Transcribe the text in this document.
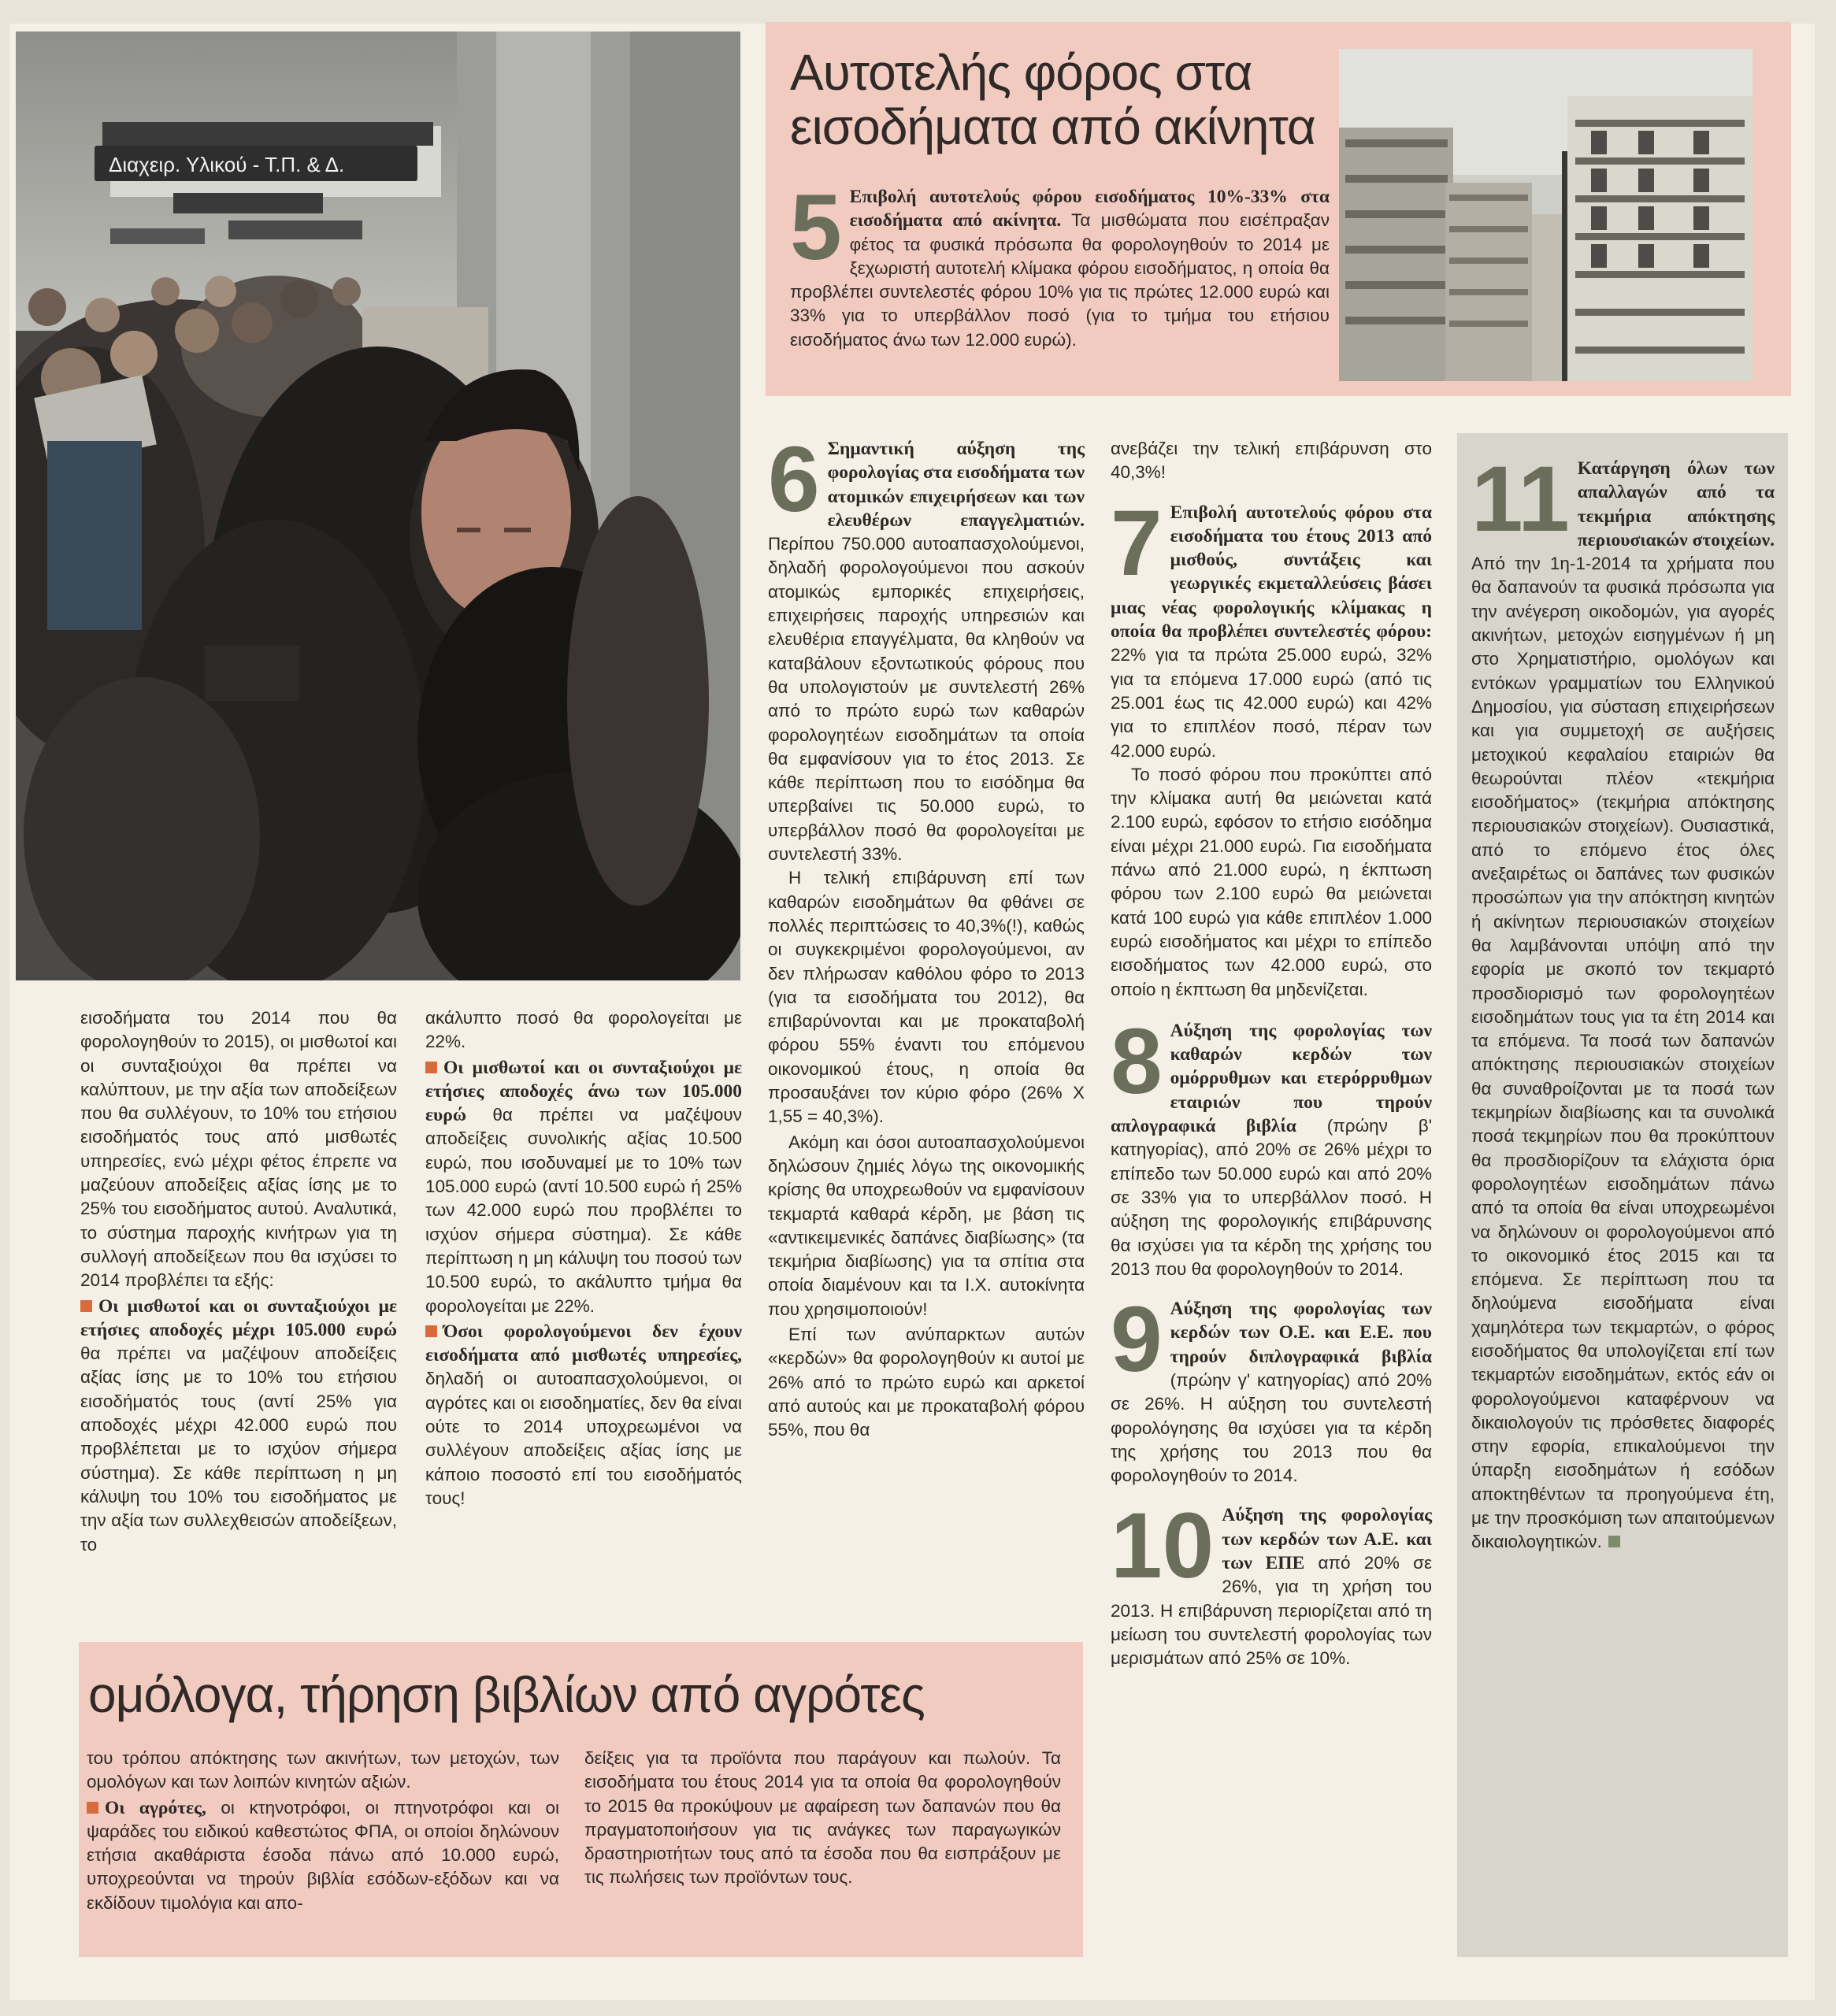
Διαχειρ. Υλικού - Τ.Π. & Δ.
Αυτοτελής φόρος στα εισοδήματα από ακίνητα
5 Επιβολή αυτοτελούς φόρου εισοδήματος 10%-33% στα εισοδήματα από ακίνητα. Τα μισθώματα που εισέπραξαν φέτος τα φυσικά πρόσωπα θα φορολογηθούν το 2014 με ξεχωριστή αυτοτελή κλίμακα φόρου εισοδήματος, η οποία θα προβλέπει συντελεστές φόρου 10% για τις πρώτες 12.000 ευρώ και 33% για το υπερβάλλον ποσό (για το τμήμα του ετήσιου εισοδήματος άνω των 12.000 ευρώ).

εισοδήματα του 2014 που θα φορολογηθούν το 2015), οι μισθωτοί και οι συνταξιούχοι θα πρέπει να καλύπτουν, με την αξία των αποδείξεων που θα συλλέγουν, το 10% του ετήσιου εισοδήματός τους από μισθωτές υπηρεσίες, ενώ μέχρι φέτος έπρεπε να μαζεύουν αποδείξεις αξίας ίσης με το 25% του εισοδήματος αυτού. Αναλυτικά, το σύστημα παροχής κινήτρων για τη συλλογή αποδείξεων που θα ισχύσει το 2014 προβλέπει τα εξής:

Οι μισθωτοί και οι συνταξιούχοι με ετήσιες αποδοχές μέχρι 105.000 ευρώ θα πρέπει να μαζέψουν αποδείξεις αξίας ίσης με το 10% του ετήσιου εισοδήματός τους (αντί 25% για αποδοχές μέχρι 42.000 ευρώ που προβλέπεται με το ισχύον σήμερα σύστημα). Σε κάθε περίπτωση η μη κάλυψη του 10% του εισοδήματος με την αξία των συλλεχθεισών αποδείξεων, το

ακάλυπτο ποσό θα φορολογείται με 22%.

Οι μισθωτοί και οι συνταξιούχοι με ετήσιες αποδοχές άνω των 105.000 ευρώ θα πρέπει να μαζέψουν αποδείξεις συνολικής αξίας 10.500 ευρώ, που ισοδυναμεί με το 10% των 105.000 ευρώ (αντί 10.500 ευρώ ή 25% των 42.000 ευρώ που προβλέπει το ισχύον σήμερα σύστημα). Σε κάθε περίπτωση η μη κάλυψη του ποσού των 10.500 ευρώ, το ακάλυπτο τμήμα θα φορολογείται με 22%.

Όσοι φορολογούμενοι δεν έχουν εισοδήματα από μισθωτές υπηρεσίες, δηλαδή οι αυτοαπασχολούμενοι, οι αγρότες και οι εισοδηματίες, δεν θα είναι ούτε το 2014 υποχρεωμένοι να συλλέγουν αποδείξεις αξίας ίσης με κάποιο ποσοστό επί του εισοδήματός τους!

6 Σημαντική αύξηση της φορολογίας στα εισοδήματα των ατομικών επιχειρήσεων και των ελευθέρων επαγγελματιών. Περίπου 750.000 αυτοαπασχολούμενοι, δηλαδή φορολογούμενοι που ασκούν ατομικώς εμπορικές επιχειρήσεις, επιχειρήσεις παροχής υπηρεσιών και ελευθέρια επαγγέλματα, θα κληθούν να καταβάλουν εξοντωτικούς φόρους που θα υπολογιστούν με συντελεστή 26% από το πρώτο ευρώ των καθαρών φορολογητέων εισοδημάτων τα οποία θα εμφανίσουν για το έτος 2013. Σε κάθε περίπτωση που το εισόδημα θα υπερβαίνει τις 50.000 ευρώ, το υπερβάλλον ποσό θα φορολογείται με συντελεστή 33%.

Η τελική επιβάρυνση επί των καθαρών εισοδημάτων θα φθάνει σε πολλές περιπτώσεις το 40,3%(!), καθώς οι συγκεκριμένοι φορολογούμενοι, αν δεν πλήρωσαν καθόλου φόρο το 2013 (για τα εισοδήματα του 2012), θα επιβαρύνονται και με προκαταβολή φόρου 55% έναντι του επόμενου οικονομικού έτους, η οποία θα προσαυξάνει τον κύριο φόρο (26% Χ 1,55 = 40,3%).

Ακόμη και όσοι αυτοαπασχολούμενοι δηλώσουν ζημιές λόγω της οικονομικής κρίσης θα υποχρεωθούν να εμφανίσουν τεκμαρτά καθαρά κέρδη, με βάση τις «αντικειμενικές δαπάνες διαβίωσης» (τα τεκμήρια διαβίωσης) για τα σπίτια στα οποία διαμένουν και τα Ι.Χ. αυτοκίνητα που χρησιμοποιούν!

Επί των ανύπαρκτων αυτών «κερδών» θα φορολογηθούν κι αυτοί με 26% από το πρώτο ευρώ και αρκετοί από αυτούς και με προκαταβολή φόρου 55%, που θα

ανεβάζει την τελική επιβάρυνση στο 40,3%!

7 Επιβολή αυτοτελούς φόρου στα εισοδήματα του έτους 2013 από μισθούς, συντάξεις και γεωργικές εκμεταλλεύσεις βάσει μιας νέας φορολογικής κλίμακας η οποία θα προβλέπει συντελεστές φόρου: 22% για τα πρώτα 25.000 ευρώ, 32% για τα επόμενα 17.000 ευρώ (από τις 25.001 έως τις 42.000 ευρώ) και 42% για το επιπλέον ποσό, πέραν των 42.000 ευρώ.

Το ποσό φόρου που προκύπτει από την κλίμακα αυτή θα μειώνεται κατά 2.100 ευρώ, εφόσον το ετήσιο εισόδημα είναι μέχρι 21.000 ευρώ. Για εισοδήματα πάνω από 21.000 ευρώ, η έκπτωση φόρου των 2.100 ευρώ θα μειώνεται κατά 100 ευρώ για κάθε επιπλέον 1.000 ευρώ εισοδήματος και μέχρι το επίπεδο εισοδήματος των 42.000 ευρώ, στο οποίο η έκπτωση θα μηδενίζεται.

8 Αύξηση της φορολογίας των καθαρών κερδών των ομόρρυθμων και ετερόρρυθμων εταιριών που τηρούν απλογραφικά βιβλία (πρώην β' κατηγορίας), από 20% σε 26% μέχρι το επίπεδο των 50.000 ευρώ και από 20% σε 33% για το υπερβάλλον ποσό. Η αύξηση της φορολογικής επιβάρυνσης θα ισχύσει για τα κέρδη της χρήσης του 2013 που θα φορολογηθούν το 2014.
9 Αύξηση της φορολογίας των κερδών των Ο.Ε. και Ε.Ε. που τηρούν διπλογραφικά βιβλία (πρώην γ' κατηγορίας) από 20% σε 26%. Η αύξηση του συντελεστή φορολόγησης θα ισχύσει για τα κέρδη της χρήσης του 2013 που θα φορολογηθούν το 2014.
10 Αύξηση της φορολογίας των κερδών των Α.Ε. και των ΕΠΕ από 20% σε 26%, για τη χρήση του 2013. Η επιβάρυνση περιορίζεται από τη μείωση του συντελεστή φορολογίας των μερισμάτων από 25% σε 10%.
11 Κατάργηση όλων των απαλλαγών από τα τεκμήρια απόκτησης περιουσιακών στοιχείων. Από την 1η-1-2014 τα χρήματα που θα δαπανούν τα φυσικά πρόσωπα για την ανέγερση οικοδομών, για αγορές ακινήτων, μετοχών εισηγμένων ή μη στο Χρηματιστήριο, ομολόγων και εντόκων γραμματίων του Ελληνικού Δημοσίου, για σύσταση επιχειρήσεων και για συμμετοχή σε αυξήσεις μετοχικού κεφαλαίου εταιριών θα θεωρούνται πλέον «τεκμήρια εισοδήματος» (τεκμήρια απόκτησης περιουσιακών στοιχείων). Ουσιαστικά, από το επόμενο έτος όλες ανεξαιρέτως οι δαπάνες των φυσικών προσώπων για την απόκτηση κινητών ή ακίνητων περιουσιακών στοιχείων θα λαμβάνονται υπόψη από την εφορία με σκοπό τον τεκμαρτό προσδιορισμό των φορολογητέων εισοδημάτων τους για τα έτη 2014 και τα επόμενα. Τα ποσά των δαπανών απόκτησης περιουσιακών στοιχείων θα συναθροίζονται με τα ποσά των τεκμηρίων διαβίωσης και τα συνολικά ποσά τεκμηρίων που θα προκύπτουν θα προσδιορίζουν τα ελάχιστα όρια φορολογητέων εισοδημάτων πάνω από τα οποία θα είναι υποχρεωμένοι να δηλώνουν οι φορολογούμενοι από το οικονομικό έτος 2015 και τα επόμενα. Σε περίπτωση που τα δηλούμενα εισοδήματα είναι χαμηλότερα των τεκμαρτών, ο φόρος εισοδήματος θα υπολογίζεται επί των τεκμαρτών εισοδημάτων, εκτός εάν οι φορολογούμενοι καταφέρνουν να δικαιολογούν τις πρόσθετες διαφορές στην εφορία, επικαλούμενοι την ύπαρξη εισοδημάτων ή εσόδων αποκτηθέντων τα προηγούμενα έτη, με την προσκόμιση των απαιτούμενων δικαιολογητικών.
ομόλογα, τήρηση βιβλίων από αγρότες

του τρόπου απόκτησης των ακινήτων, των μετοχών, των ομολόγων και των λοιπών κινητών αξιών.

Οι αγρότες, οι κτηνοτρόφοι, οι πτηνοτρόφοι και οι ψαράδες του ειδικού καθεστώτος ΦΠΑ, οι οποίοι δηλώνουν ετήσια ακαθάριστα έσοδα πάνω από 10.000 ευρώ, υποχρεούνται να τηρούν βιβλία εσόδων-εξόδων και να εκδίδουν τιμολόγια και απο-

δείξεις για τα προϊόντα που παράγουν και πωλούν. Τα εισοδήματα του έτους 2014 για τα οποία θα φορολογηθούν το 2015 θα προκύψουν με αφαίρεση των δαπανών που θα πραγματοποιήσουν για τις ανάγκες των παραγωγικών δραστηριοτήτων τους από τα έσοδα που θα εισπράξουν με τις πωλήσεις των προϊόντων τους.
